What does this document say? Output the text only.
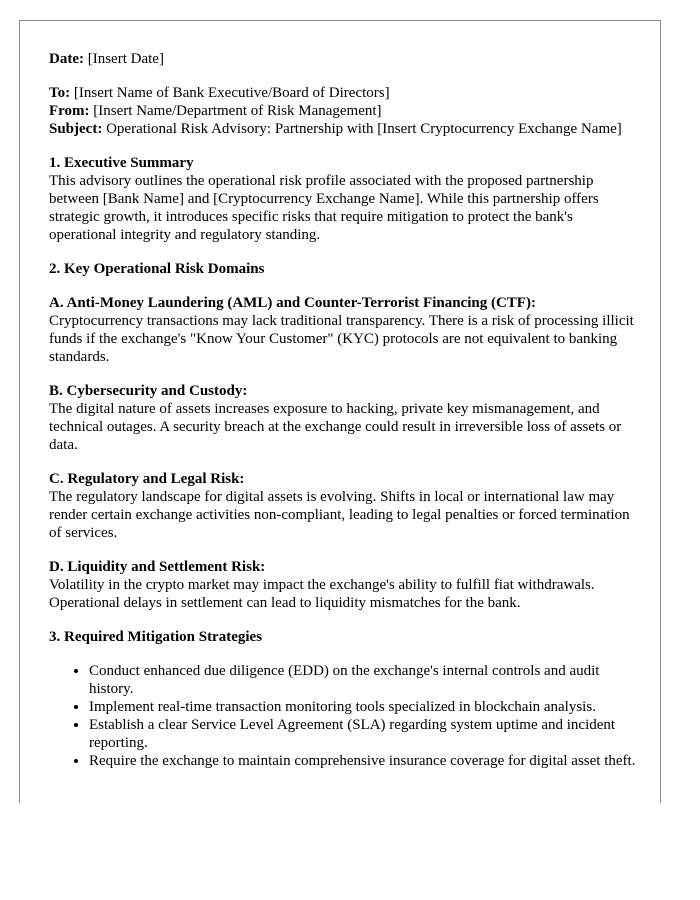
Date: [Insert Date]

To: [Insert Name of Bank Executive/Board of Directors]

From: [Insert Name/Department of Risk Management]

Subject: Operational Risk Advisory: Partnership with [Insert Cryptocurrency Exchange Name]

1. Executive Summary

This advisory outlines the operational risk profile associated with the proposed partnership between [Bank Name] and [Cryptocurrency Exchange Name]. While this partnership offers strategic growth, it introduces specific risks that require mitigation to protect the bank's operational integrity and regulatory standing.

2. Key Operational Risk Domains

A. Anti-Money Laundering (AML) and Counter-Terrorist Financing (CTF):

Cryptocurrency transactions may lack traditional transparency. There is a risk of processing illicit funds if the exchange's "Know Your Customer" (KYC) protocols are not equivalent to banking standards.

B. Cybersecurity and Custody:

The digital nature of assets increases exposure to hacking, private key mismanagement, and technical outages. A security breach at the exchange could result in irreversible loss of assets or data.

C. Regulatory and Legal Risk:

The regulatory landscape for digital assets is evolving. Shifts in local or international law may render certain exchange activities non-compliant, leading to legal penalties or forced termination of services.

D. Liquidity and Settlement Risk:

Volatility in the crypto market may impact the exchange's ability to fulfill fiat withdrawals. Operational delays in settlement can lead to liquidity mismatches for the bank.

3. Required Mitigation Strategies

• Conduct enhanced due diligence (EDD) on the exchange's internal controls and audit history.
• Implement real-time transaction monitoring tools specialized in blockchain analysis.
• Establish a clear Service Level Agreement (SLA) regarding system uptime and incident reporting.
• Require the exchange to maintain comprehensive insurance coverage for digital asset theft.
